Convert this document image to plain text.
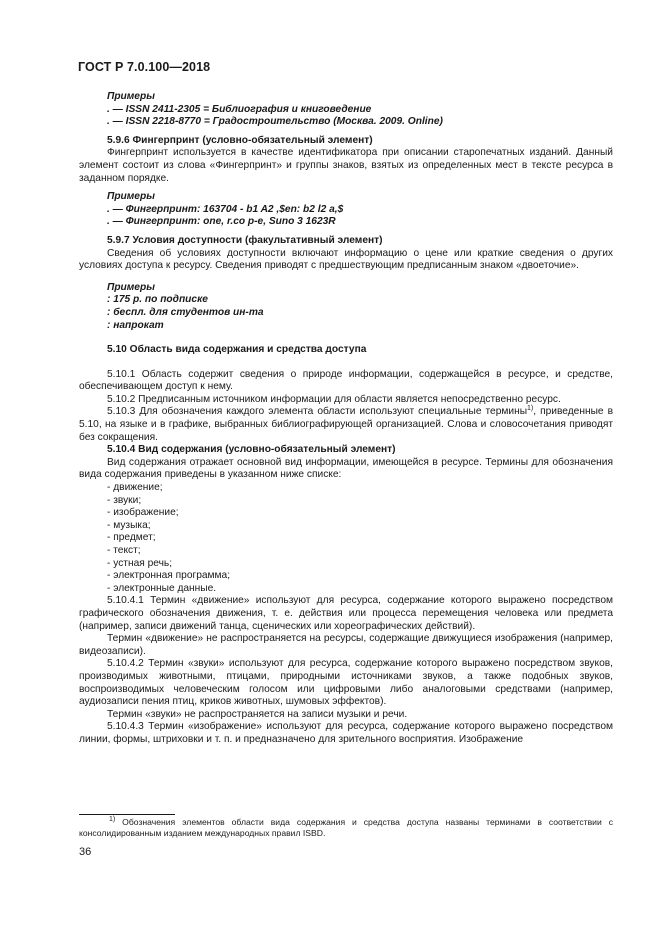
ГОСТ Р 7.0.100—2018
Примеры
. — ISSN 2411-2305 = Библиография и книговедение
. — ISSN 2218-8770 = Градостроительство (Москва. 2009. Online)
5.9.6 Фингерпринт (условно-обязательный элемент)
Фингерпринт используется в качестве идентификатора при описании старопечатных изданий. Данный элемент состоит из слова «Фингерпринт» и группы знаков, взятых из определенных мест в тексте ресурса в заданном порядке.
Примеры
. — Фингерпринт: 163704 - b1 A2 ,$en: b2 l2 a,$
. — Фингерпринт: one, r.co p-e, Suno 3 1623R
5.9.7 Условия доступности (факультативный элемент)
Сведения об условиях доступности включают информацию о цене или краткие сведения о других условиях доступа к ресурсу. Сведения приводят с предшествующим предписанным знаком «двоеточие».
Примеры
: 175 р. по подписке
: беспл. для студентов ин-та
: напрокат
5.10 Область вида содержания и средства доступа
5.10.1 Область содержит сведения о природе информации, содержащейся в ресурсе, и средстве, обеспечивающем доступ к нему.
5.10.2 Предписанным источником информации для области является непосредственно ресурс.
5.10.3 Для обозначения каждого элемента области используют специальные термины$^{1)}$, приведенные в 5.10, на языке и в графике, выбранных библиографирующей организацией. Слова и словосочетания приводят без сокращения.
5.10.4 Вид содержания (условно-обязательный элемент)
Вид содержания отражает основной вид информации, имеющейся в ресурсе. Термины для обозначения вида содержания приведены в указанном ниже списке:
- движение;
- звуки;
- изображение;
- музыка;
- предмет;
- текст;
- устная речь;
- электронная программа;
- электронные данные.
5.10.4.1 Термин «движение» используют для ресурса, содержание которого выражено посредством графического обозначения движения, т. е. действия или процесса перемещения человека или предмета (например, записи движений танца, сценических или хореографических действий).
Термин «движение» не распространяется на ресурсы, содержащие движущиеся изображения (например, видеозаписи).
5.10.4.2 Термин «звуки» используют для ресурса, содержание которого выражено посредством звуков, производимых животными, птицами, природными источниками звуков, а также подобных звуков, воспроизводимых человеческим голосом или цифровыми либо аналоговыми средствами (например, аудиозаписи пения птиц, криков животных, шумовых эффектов).
Термин «звуки» не распространяется на записи музыки и речи.
5.10.4.3 Термин «изображение» используют для ресурса, содержание которого выражено посредством линии, формы, штриховки и т. п. и предназначено для зрительного восприятия. Изображение
$^{1)}$ Обозначения элементов области вида содержания и средства доступа названы терминами в соответствии с консолидированным изданием международных правил ISBD.
36
